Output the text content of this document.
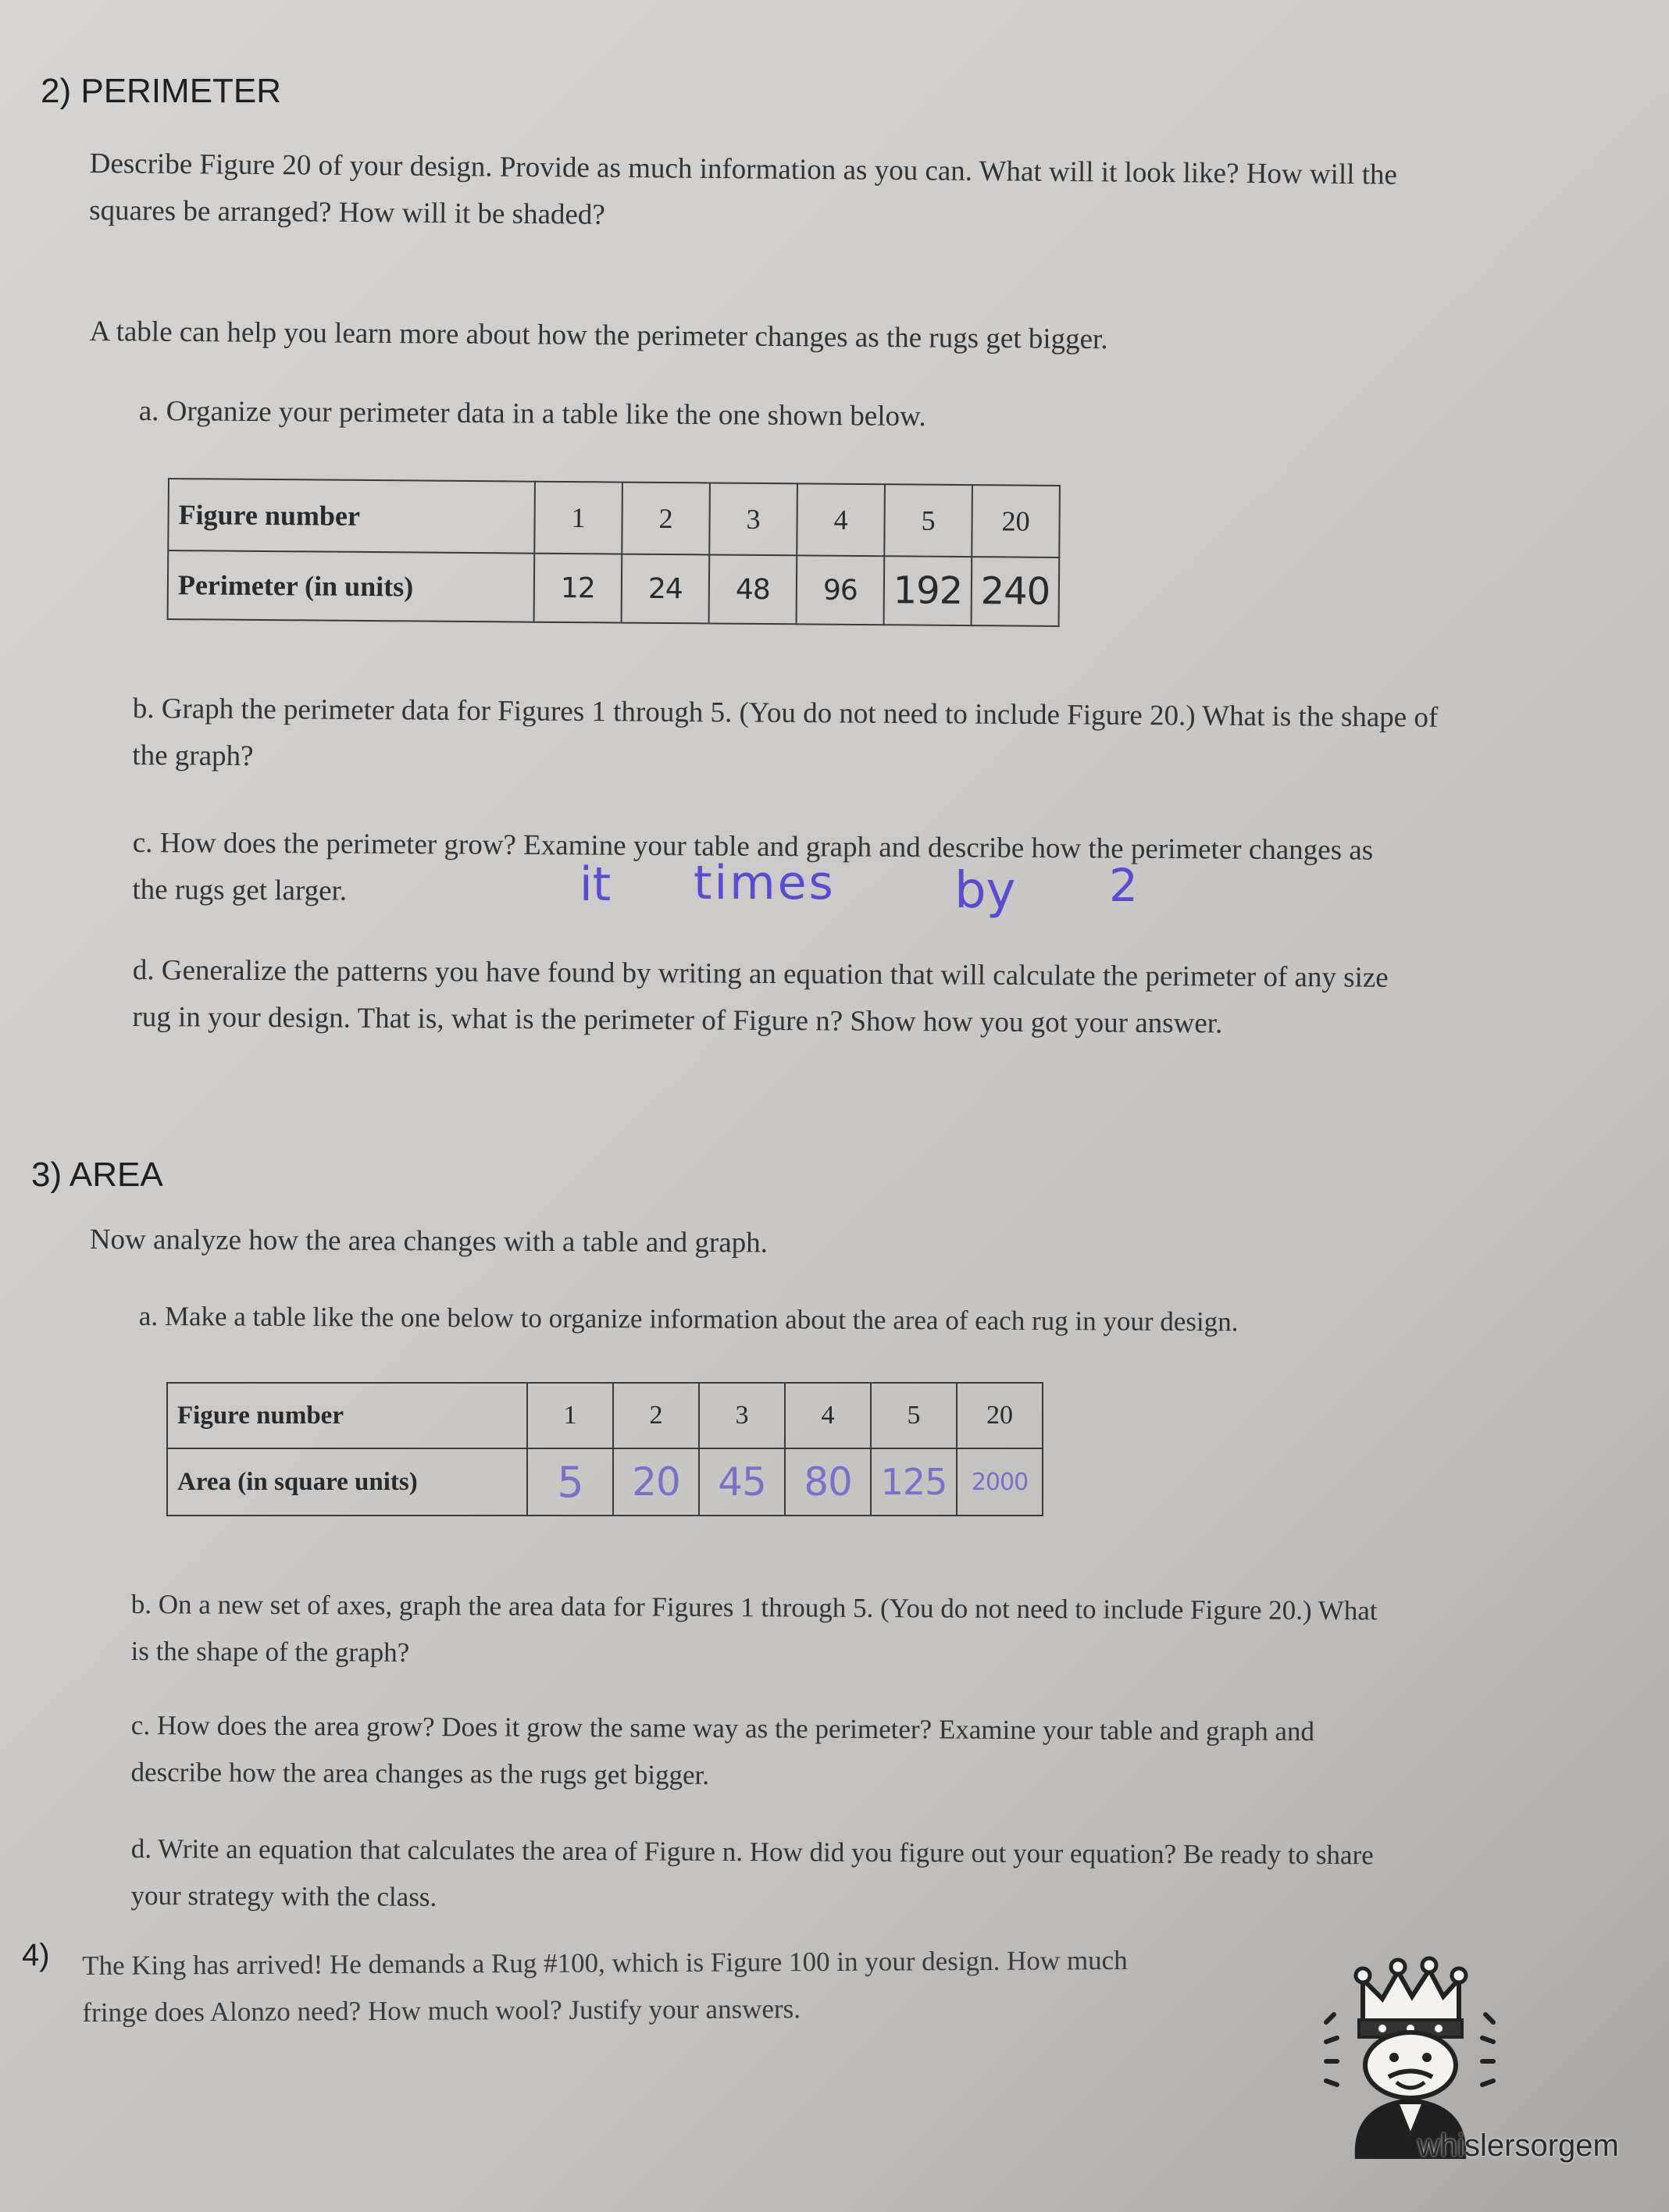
2) PERIMETER
Describe Figure 20 of your design. Provide as much information as you can. What will it look like? How will the squares be arranged? How will it be shaded?
A table can help you learn more about how the perimeter changes as the rugs get bigger.
a. Organize your perimeter data in a table like the one shown below.
Figure number	1	2	3	4	5	20
Perimeter (in units)	12	24	48	96	192	240
b. Graph the perimeter data for Figures 1 through 5. (You do not need to include Figure 20.) What is the shape of the graph?
c. How does the perimeter grow? Examine your table and graph and describe how the perimeter changes as the rugs get larger.	it times by 2
d. Generalize the patterns you have found by writing an equation that will calculate the perimeter of any size rug in your design. That is, what is the perimeter of Figure n? Show how you got your answer.
3) AREA
Now analyze how the area changes with a table and graph.
a. Make a table like the one below to organize information about the area of each rug in your design.
Figure number	1	2	3	4	5	20
Area (in square units)	5	20	45	80	125	2000
b. On a new set of axes, graph the area data for Figures 1 through 5. (You do not need to include Figure 20.) What is the shape of the graph?
c. How does the area grow? Does it grow the same way as the perimeter? Examine your table and graph and describe how the area changes as the rugs get bigger.
d. Write an equation that calculates the area of Figure n. How did you figure out your equation? Be ready to share your strategy with the class.
4) The King has arrived! He demands a Rug #100, which is Figure 100 in your design. How much fringe does Alonzo need? How much wool? Justify your answers.
whislersorgem
